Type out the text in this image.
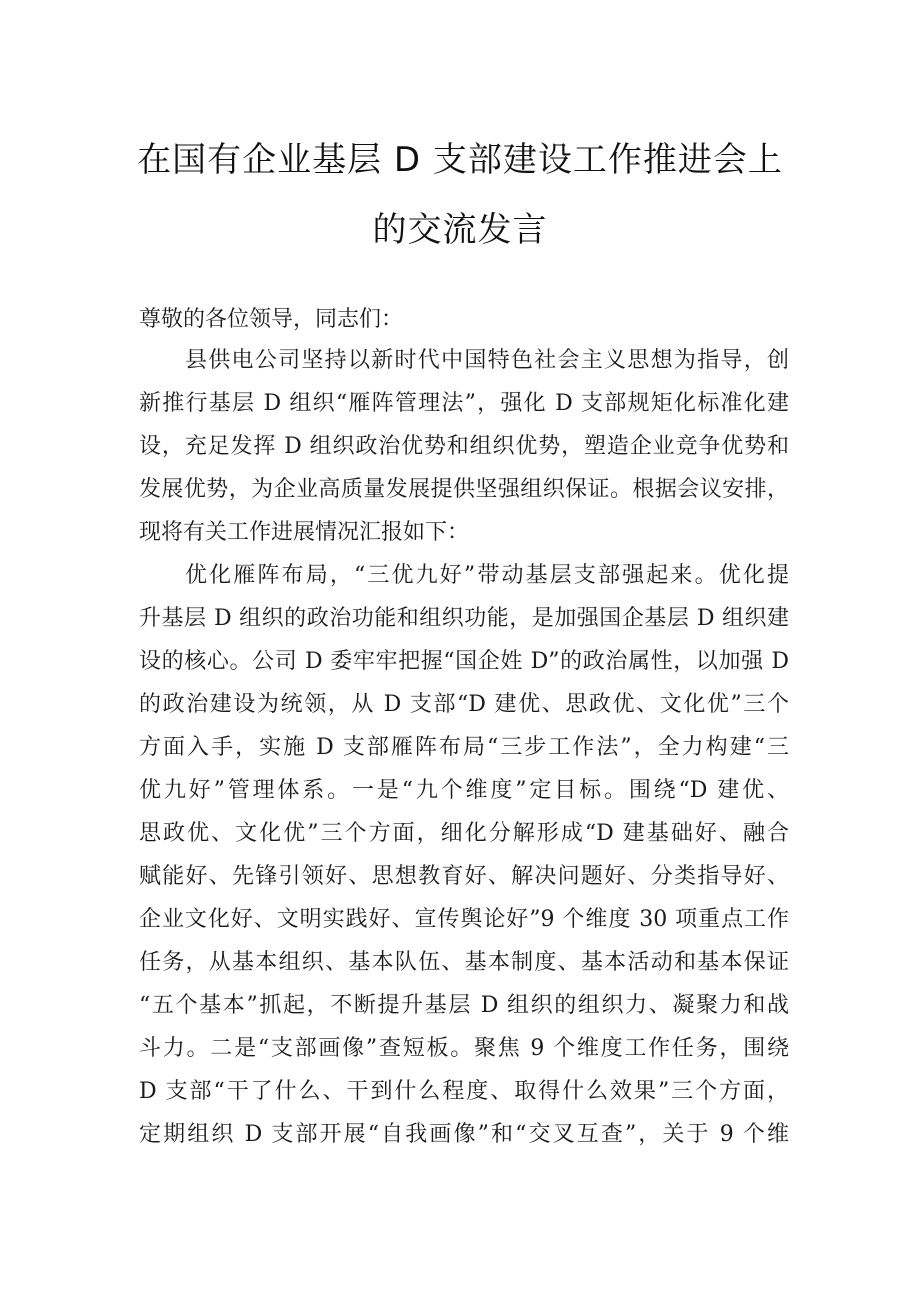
在国有企业基层 D 支部建设工作推进会上
的交流发言
尊敬的各位领导，同志们：
县供电公司坚持以新时代中国特色社会主义思想为指导，创
新推行基层 D 组织“雁阵管理法”，强化 D 支部规矩化标准化建
设，充足发挥 D 组织政治优势和组织优势，塑造企业竞争优势和
发展优势，为企业高质量发展提供坚强组织保证。根据会议安排，
现将有关工作进展情况汇报如下：
优化雁阵布局，“三优九好”带动基层支部强起来。优化提
升基层 D 组织的政治功能和组织功能，是加强国企基层 D 组织建
设的核心。公司 D 委牢牢把握“国企姓 D”的政治属性，以加强 D
的政治建设为统领，从 D 支部“D 建优、思政优、文化优”三个
方面入手，实施 D 支部雁阵布局“三步工作法”，全力构建“三
优九好”管理体系。一是“九个维度”定目标。围绕“D 建优、
思政优、文化优”三个方面，细化分解形成“D 建基础好、融合
赋能好、先锋引领好、思想教育好、解决问题好、分类指导好、
企业文化好、文明实践好、宣传舆论好”9 个维度 30 项重点工作
任务，从基本组织、基本队伍、基本制度、基本活动和基本保证
“五个基本”抓起，不断提升基层 D 组织的组织力、凝聚力和战
斗力。二是“支部画像”查短板。聚焦 9 个维度工作任务，围绕
D 支部“干了什么、干到什么程度、取得什么效果”三个方面，
定期组织 D 支部开展“自我画像”和“交叉互查”，关于 9 个维
